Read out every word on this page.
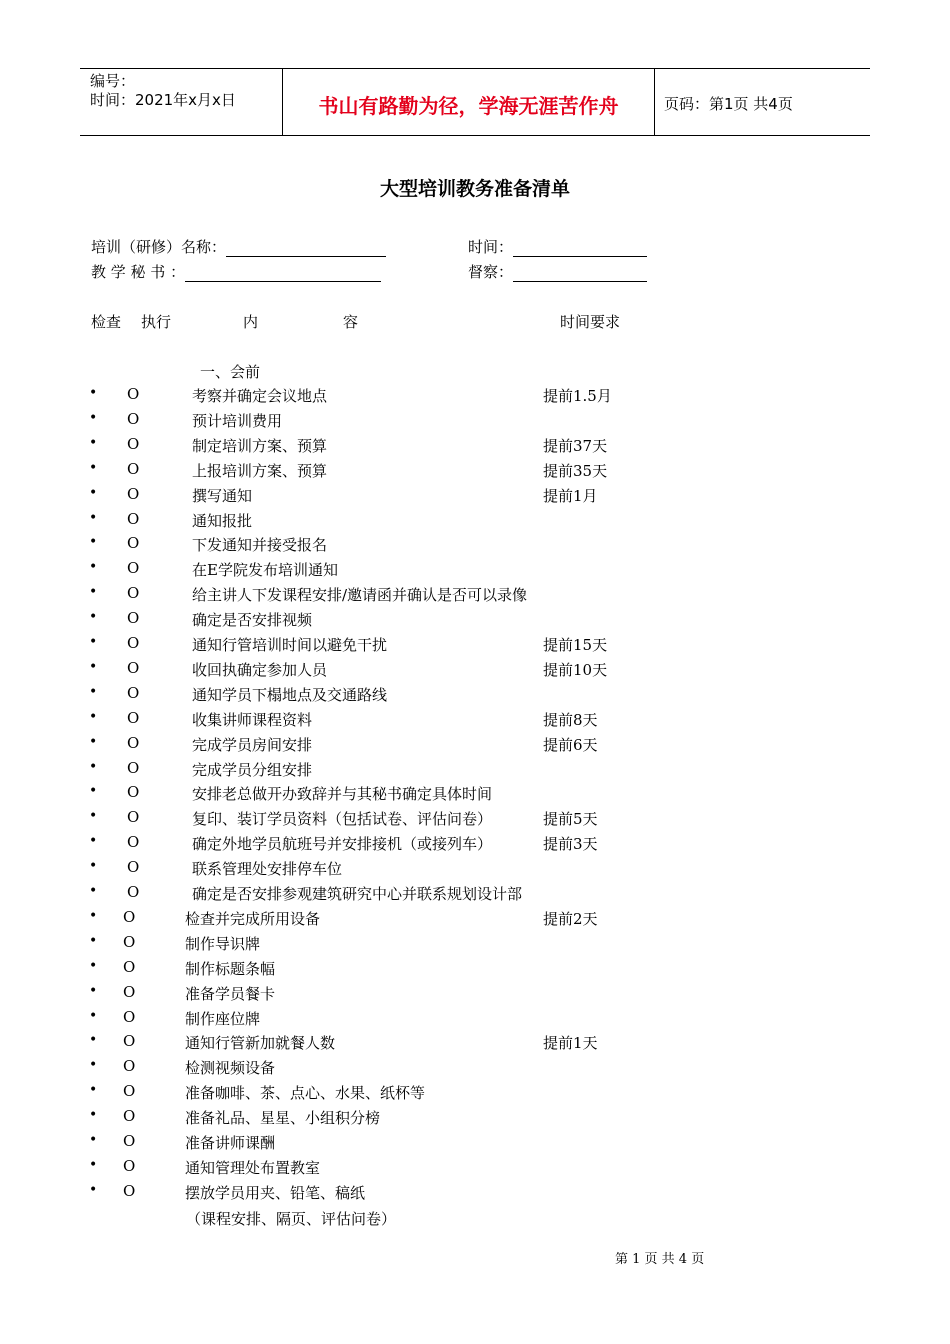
编号：
时间：2021年x月x日	书山有路勤为径，学海无涯苦作舟	页码：第1页 共4页
大型培训教务准备清单
培训（研修）名称：	时间：
教 学 秘 书 ：	督察：
检查 执行	内	容	时间要求
一、会前
• O	考察并确定会议地点	提前1.5月
• O	预计培训费用
• O	制定培训方案、预算	提前37天
• O	上报培训方案、预算	提前35天
• O	撰写通知	提前1月
• O	通知报批
• O	下发通知并接受报名
• O	在E学院发布培训通知
• O	给主讲人下发课程安排/邀请函并确认是否可以录像
• O	确定是否安排视频
• O	通知行管培训时间以避免干扰	提前15天
• O	收回执确定参加人员	提前10天
• O	通知学员下榻地点及交通路线
• O	收集讲师课程资料	提前8天
• O	完成学员房间安排	提前6天
• O	完成学员分组安排
• O	安排老总做开办致辞并与其秘书确定具体时间
• O	复印、装订学员资料（包括试卷、评估问卷）	提前5天
• O	确定外地学员航班号并安排接机（或接列车）	提前3天
• O	联系管理处安排停车位
• O	确定是否安排参观建筑研究中心并联系规划设计部
• O	检查并完成所用设备	提前2天
• O	制作导识牌
• O	制作标题条幅
• O	准备学员餐卡
• O	制作座位牌
• O	通知行管新加就餐人数	提前1天
• O	检测视频设备
• O	准备咖啡、茶、点心、水果、纸杯等
• O	准备礼品、星星、小组积分榜
• O	准备讲师课酬
• O	通知管理处布置教室
• O	摆放学员用夹、铅笔、稿纸
（课程安排、隔页、评估问卷）
第 1 页 共 4 页
